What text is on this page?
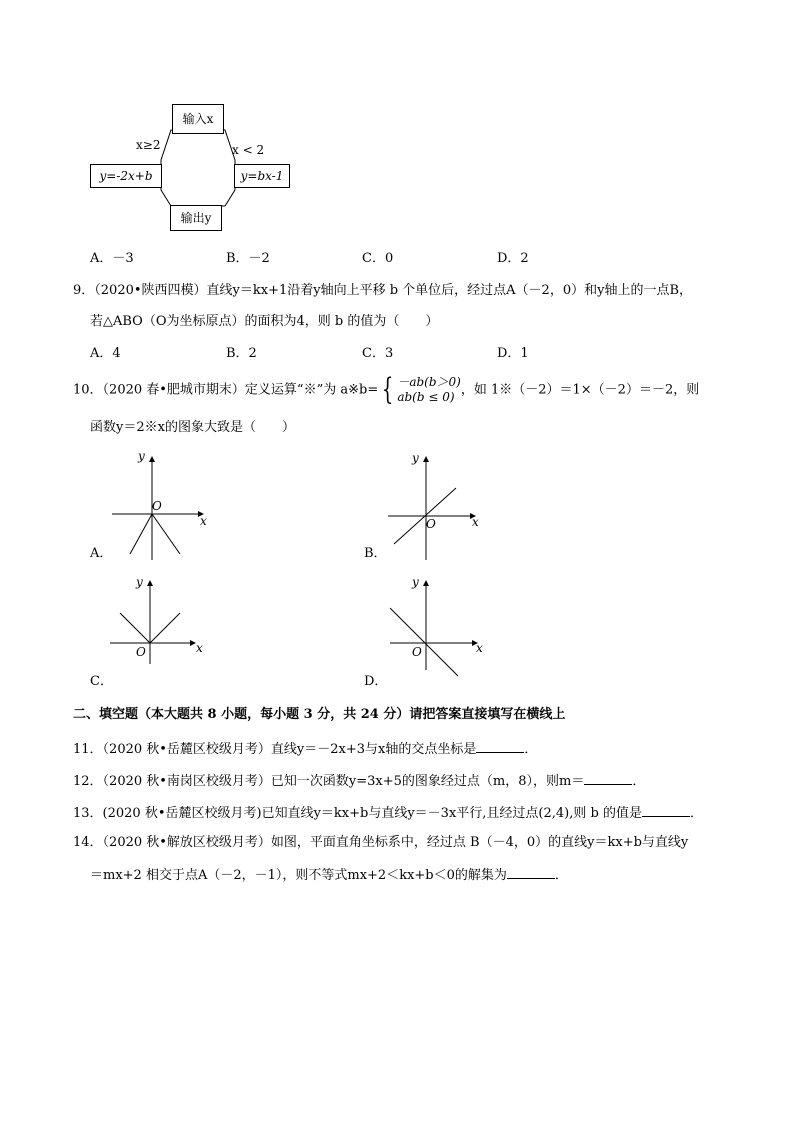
输入x
输出y
y=-2x+b	y=bx-1
x≥2	x < 2
A．－3	B．－2	C．0	D．2
9．（2020•陕西四模）直线y＝kx+1沿着y轴向上平移 b 个单位后，经过点A（－2，0）和y轴上的一点B，
若△ABO（O为坐标原点）的面积为4，则 b 的值为（　　）
A．4	B．2	C．3	D．1
10．（2020 春•肥城市期末）定义运算“※”为 a※b= { －ab(b＞0)
ab(b ≤ 0) ，如 1※（－2）＝1×（－2）＝－2，则
函数y＝2※x的图象大致是（　　）
x
y
O
A．
x
y
O
B．
x
y
O
C．
x
y
O
D．
二、填空题（本大题共 8 小题，每小题 3 分，共 24 分）请把答案直接填写在横线上
11．（2020 秋•岳麓区校级月考）直线y＝－2x+3与x轴的交点坐标是	．
12．（2020 秋•南岗区校级月考）已知一次函数y=3x+5的图象经过点（m，8），则m＝	．
13．(2020 秋•岳麓区校级月考)已知直线y＝kx+b与直线y＝－3x平行,且经过点(2,4),则 b 的值是	．
14．（2020 秋•解放区校级月考）如图，平面直角坐标系中，经过点 B（－4，0）的直线y＝kx+b与直线y
＝mx+2 相交于点A（－2，－1），则不等式mx+2＜kx+b＜0的解集为	．
